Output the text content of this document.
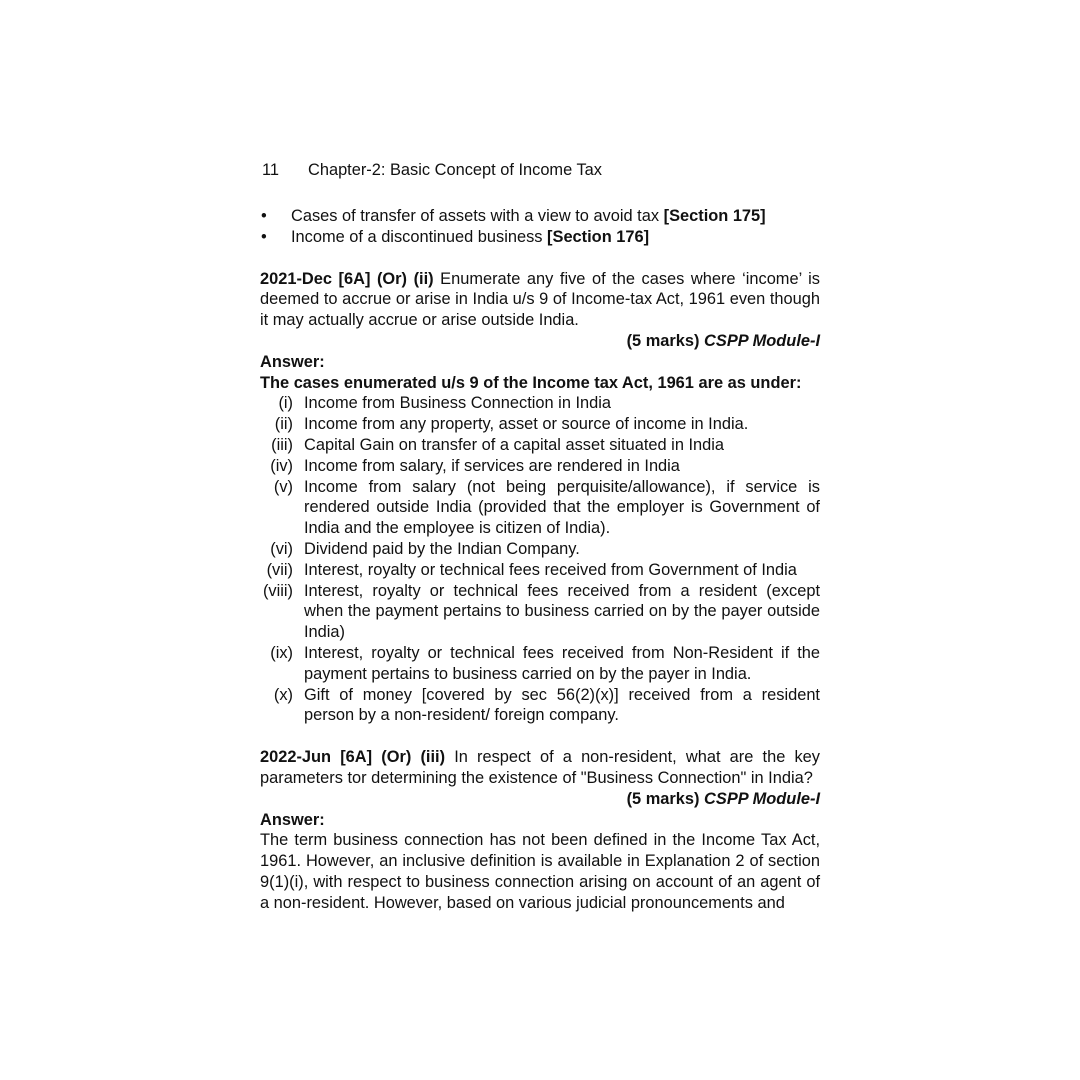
11	Chapter-2: Basic Concept of Income Tax
• Cases of transfer of assets with a view to avoid tax [Section 175]
• Income of a discontinued business [Section 176]
2021-Dec [6A] (Or) (ii) Enumerate any five of the cases where ‘income’ is deemed to accrue or arise in India u/s 9 of Income-tax Act, 1961 even though it may actually accrue or arise outside India.
(5 marks) CSPP Module-I
Answer:
The cases enumerated u/s 9 of the Income tax Act, 1961 are as under:
(i) Income from Business Connection in India
(ii) Income from any property, asset or source of income in India.
(iii) Capital Gain on transfer of a capital asset situated in India
(iv) Income from salary, if services are rendered in India
(v) Income from salary (not being perquisite/allowance), if service is rendered outside India (provided that the employer is Government of India and the employee is citizen of India).
(vi) Dividend paid by the Indian Company.
(vii) Interest, royalty or technical fees received from Government of India
(viii) Interest, royalty or technical fees received from a resident (except when the payment pertains to business carried on by the payer outside India)
(ix) Interest, royalty or technical fees received from Non-Resident if the payment pertains to business carried on by the payer in India.
(x) Gift of money [covered by sec 56(2)(x)] received from a resident person by a non-resident/ foreign company.
2022-Jun [6A] (Or) (iii) In respect of a non-resident, what are the key parameters tor determining the existence of "Business Connection" in India?
(5 marks) CSPP Module-I
Answer:
The term business connection has not been defined in the Income Tax Act, 1961. However, an inclusive definition is available in Explanation 2 of section 9(1)(i), with respect to business connection arising on account of an agent of a non-resident. However, based on various judicial pronouncements and
